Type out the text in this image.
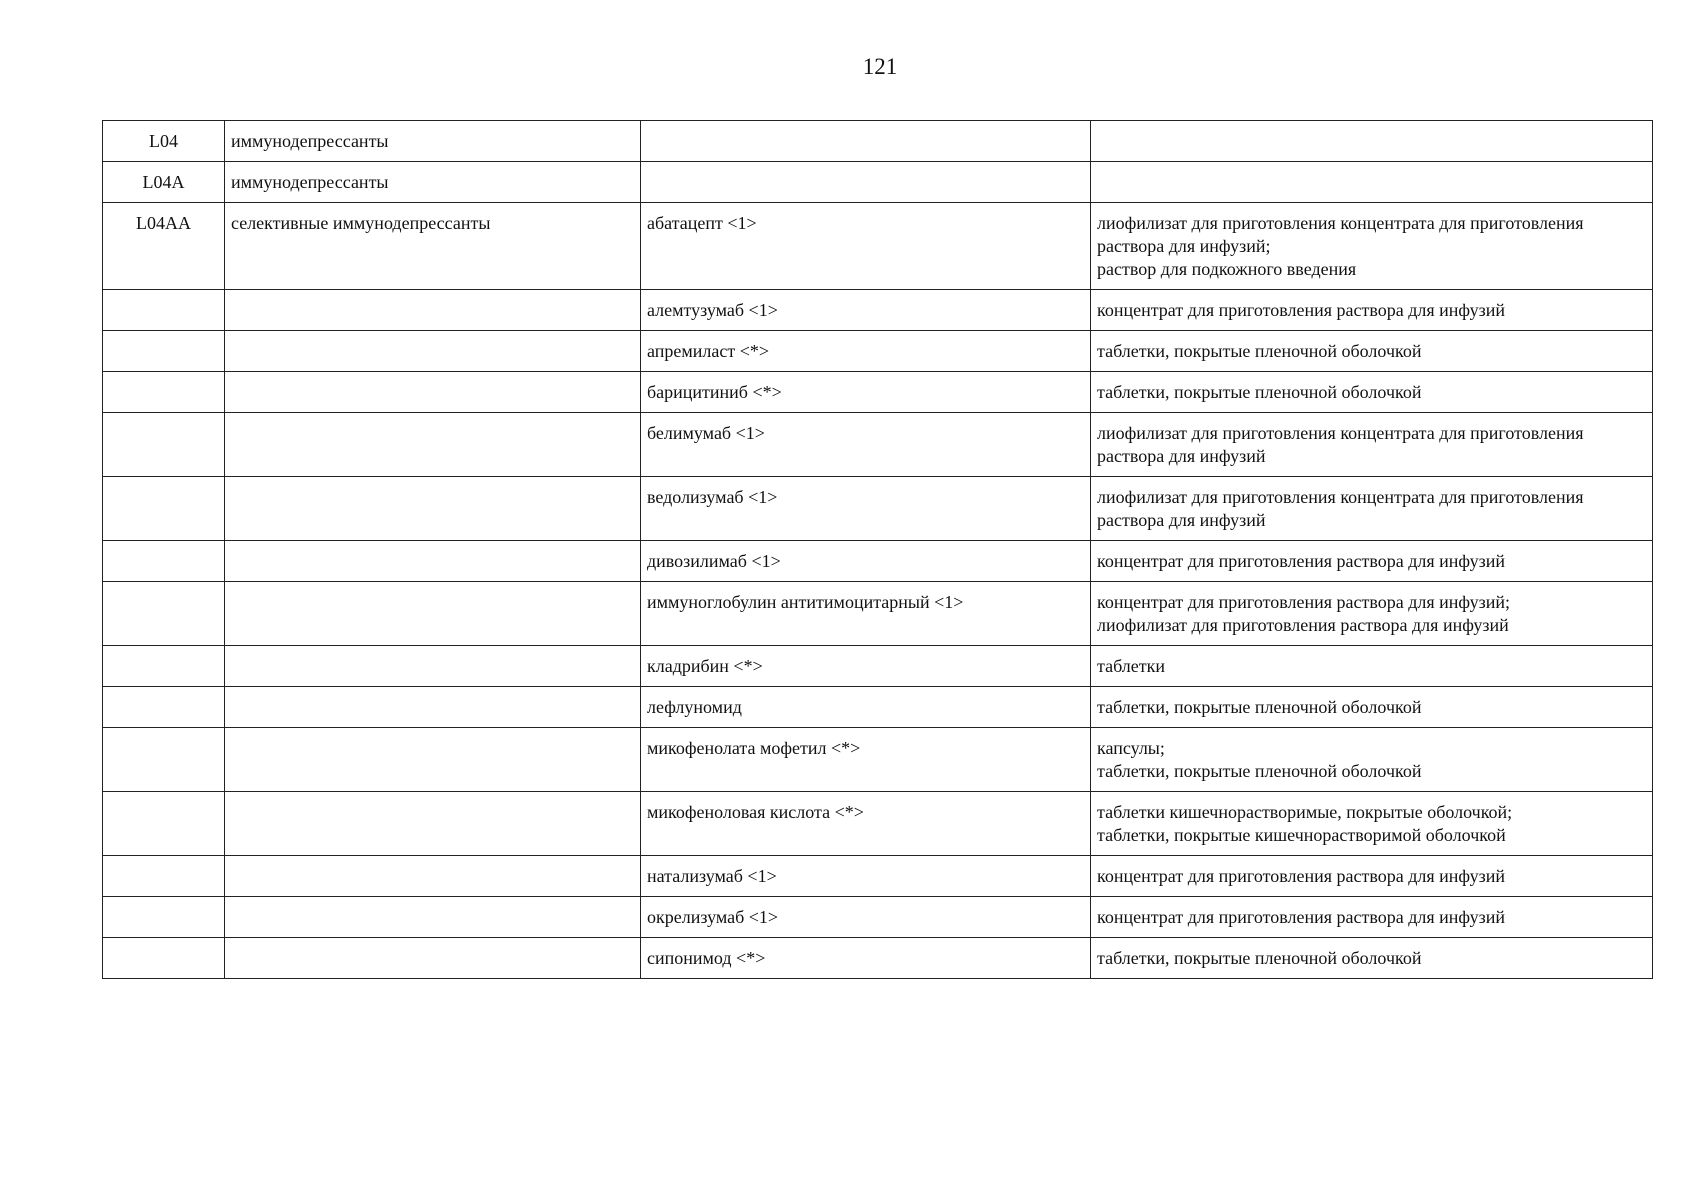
121
L04	иммунодепрессанты		
L04A	иммунодепрессанты		
L04AA	селективные иммунодепрессанты	абатацепт <1>	лиофилизат для приготовления концентрата для приготовления раствора для инфузий;
раствор для подкожного введения
		алемтузумаб <1>	концентрат для приготовления раствора для инфузий
		апремиласт <*>	таблетки, покрытые пленочной оболочкой
		барицитиниб <*>	таблетки, покрытые пленочной оболочкой
		белимумаб <1>	лиофилизат для приготовления концентрата для приготовления раствора для инфузий
		ведолизумаб <1>	лиофилизат для приготовления концентрата для приготовления раствора для инфузий
		дивозилимаб <1>	концентрат для приготовления раствора для инфузий
		иммуноглобулин антитимоцитарный <1>	концентрат для приготовления раствора для инфузий;
лиофилизат для приготовления раствора для инфузий
		кладрибин <*>	таблетки
		лефлуномид	таблетки, покрытые пленочной оболочкой
		микофенолата мофетил <*>	капсулы;
таблетки, покрытые пленочной оболочкой
		микофеноловая кислота <*>	таблетки кишечнорастворимые, покрытые оболочкой;
таблетки, покрытые кишечнорастворимой оболочкой
		натализумаб <1>	концентрат для приготовления раствора для инфузий
		окрелизумаб <1>	концентрат для приготовления раствора для инфузий
		сипонимод <*>	таблетки, покрытые пленочной оболочкой
